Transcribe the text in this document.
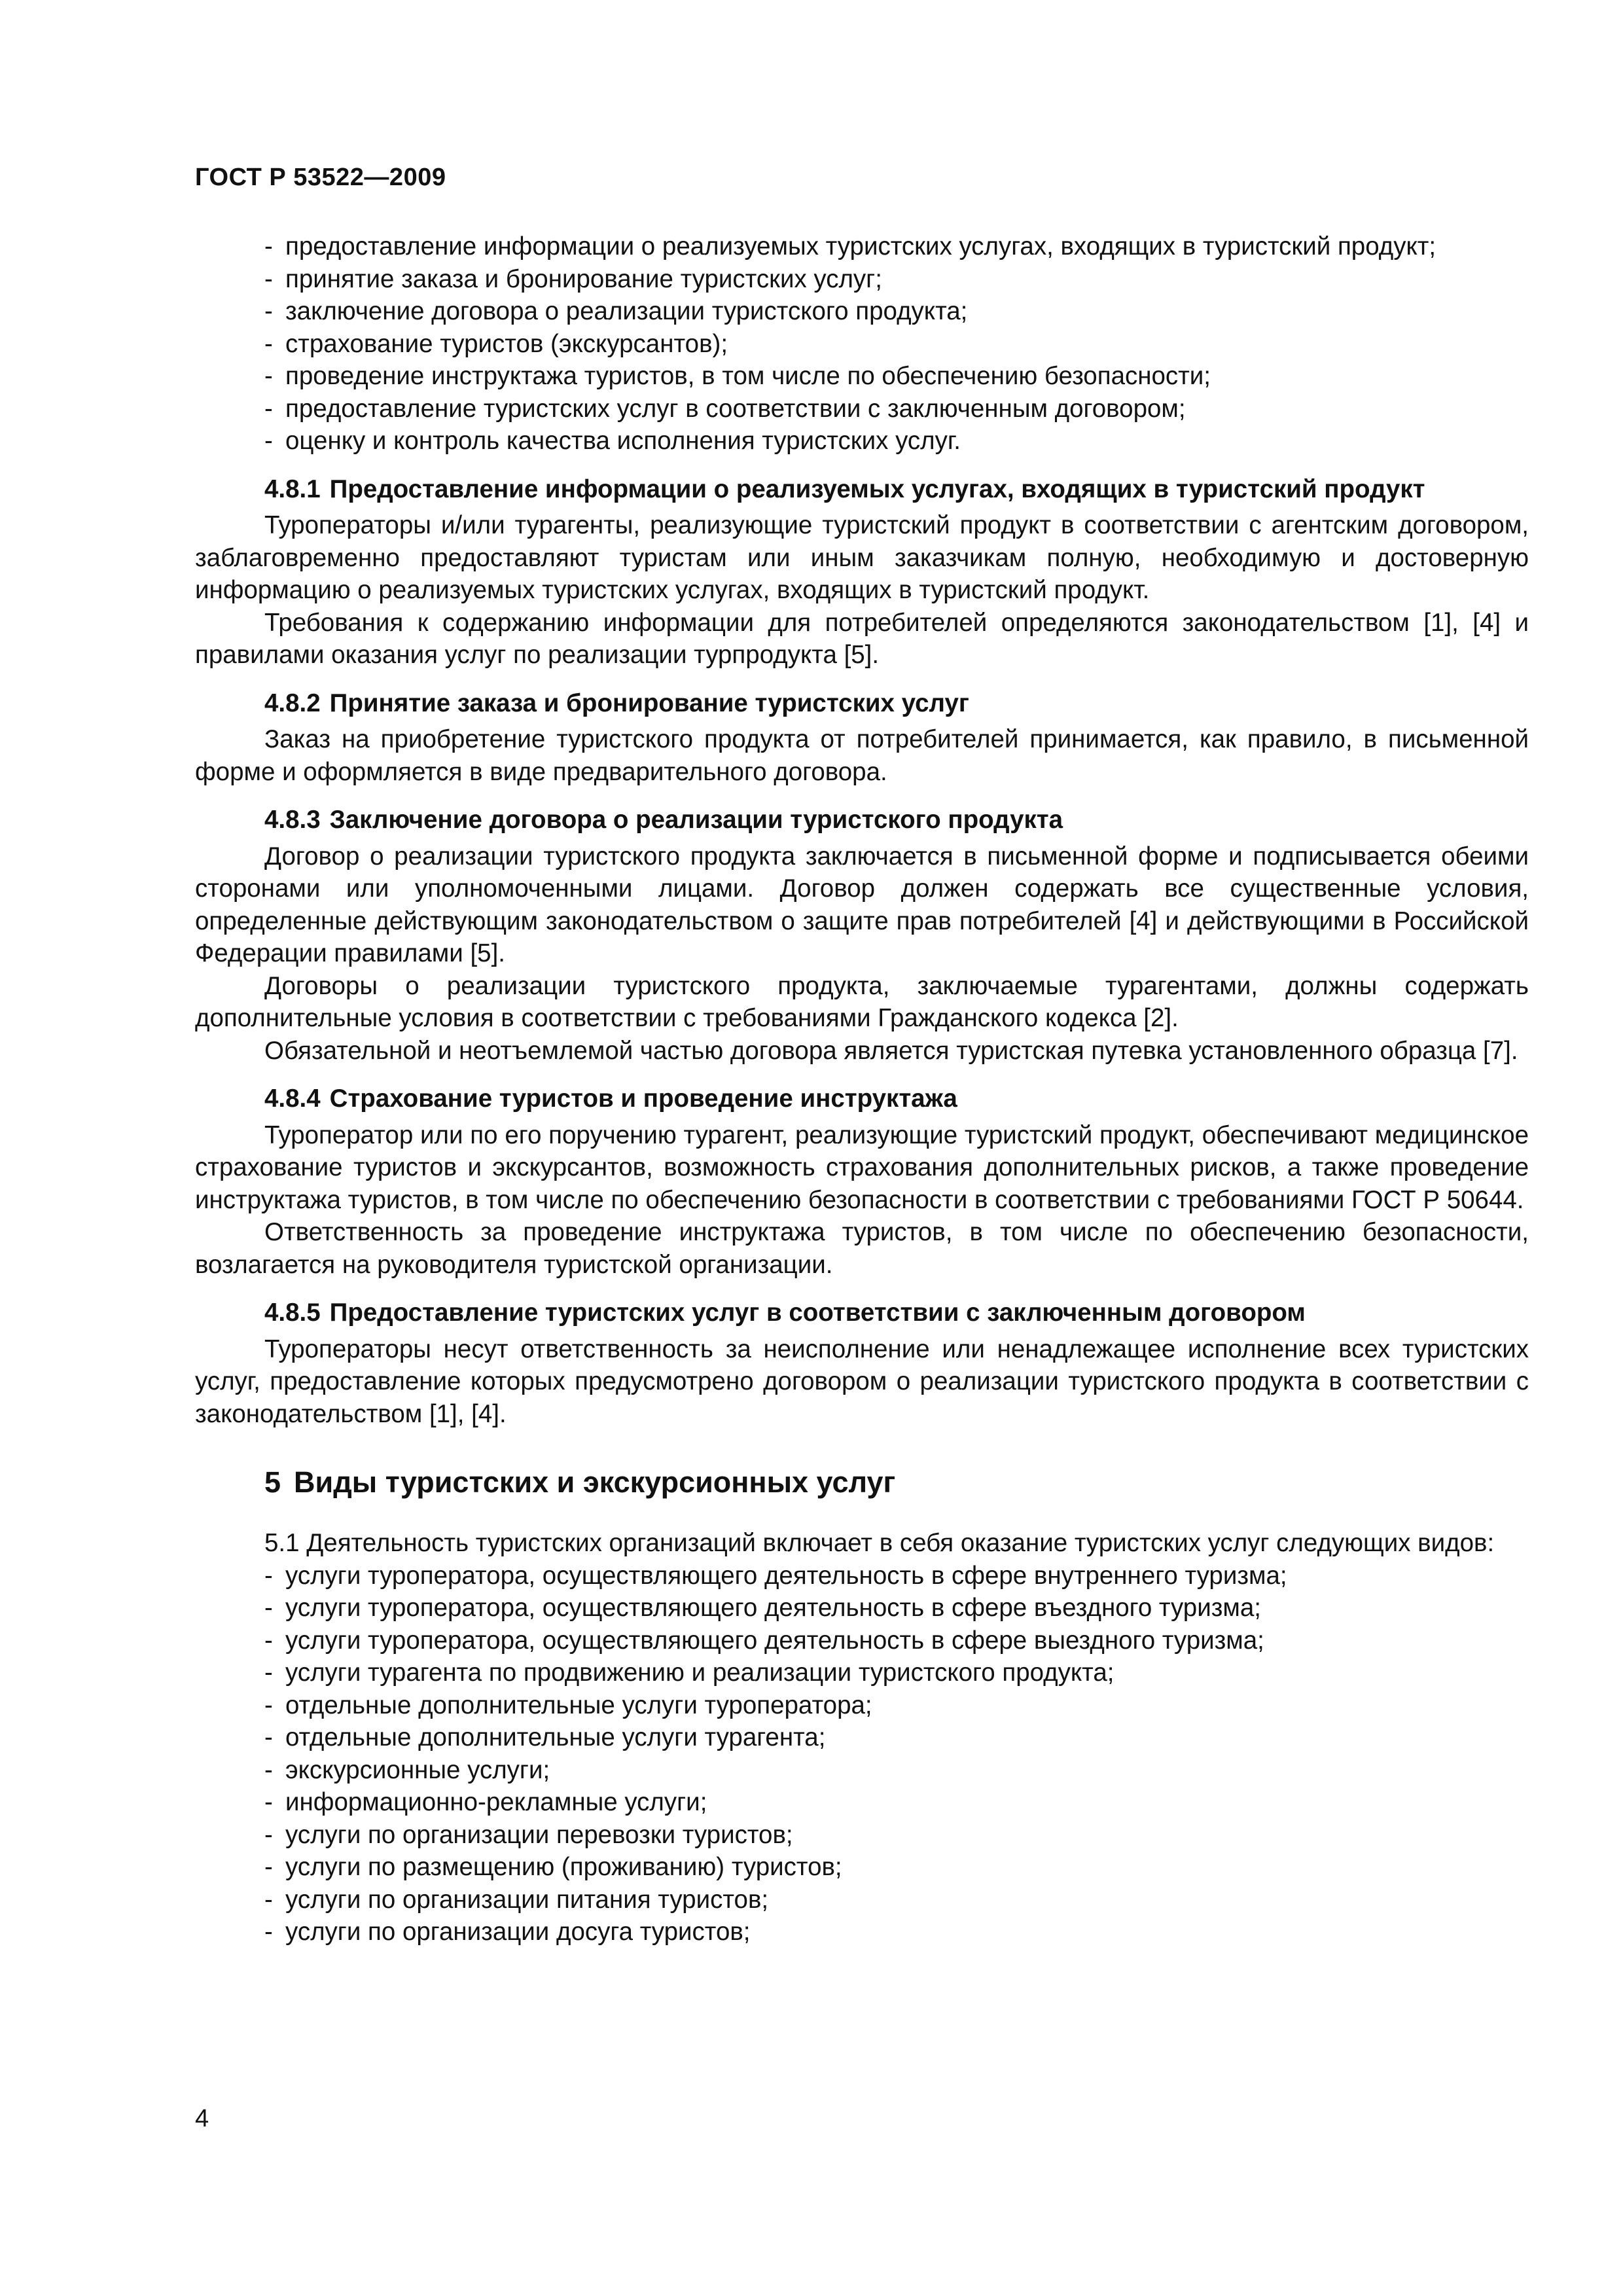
ГОСТ Р 53522—2009
- предоставление информации о реализуемых туристских услугах, входящих в туристский продукт;
- принятие заказа и бронирование туристских услуг;
- заключение договора о реализации туристского продукта;
- страхование туристов (экскурсантов);
- проведение инструктажа туристов, в том числе по обеспечению безопасности;
- предоставление туристских услуг в соответствии с заключенным договором;
- оценку и контроль качества исполнения туристских услуг.
4.8.1 Предоставление информации о реализуемых услугах, входящих в туристский продукт

Туроператоры и/или турагенты, реализующие туристский продукт в соответствии с агентским договором, заблаговременно предоставляют туристам или иным заказчикам полную, необходимую и достоверную информацию о реализуемых туристских услугах, входящих в туристский продукт.

Требования к содержанию информации для потребителей определяются законодательством [1], [4] и правилами оказания услуг по реализации турпродукта [5].

4.8.2 Принятие заказа и бронирование туристских услуг

Заказ на приобретение туристского продукта от потребителей принимается, как правило, в письменной форме и оформляется в виде предварительного договора.

4.8.3 Заключение договора о реализации туристского продукта

Договор о реализации туристского продукта заключается в письменной форме и подписывается обеими сторонами или уполномоченными лицами. Договор должен содержать все существенные условия, определенные действующим законодательством о защите прав потребителей [4] и действующими в Российской Федерации правилами [5].

Договоры о реализации туристского продукта, заключаемые турагентами, должны содержать дополнительные условия в соответствии с требованиями Гражданского кодекса [2].

Обязательной и неотъемлемой частью договора является туристская путевка установленного образца [7].

4.8.4 Страхование туристов и проведение инструктажа

Туроператор или по его поручению турагент, реализующие туристский продукт, обеспечивают медицинское страхование туристов и экскурсантов, возможность страхования дополнительных рисков, а также проведение инструктажа туристов, в том числе по обеспечению безопасности в соответствии с требованиями ГОСТ Р 50644.

Ответственность за проведение инструктажа туристов, в том числе по обеспечению безопасности, возлагается на руководителя туристской организации.

4.8.5 Предоставление туристских услуг в соответствии с заключенным договором

Туроператоры несут ответственность за неисполнение или ненадлежащее исполнение всех туристских услуг, предоставление которых предусмотрено договором о реализации туристского продукта в соответствии с законодательством [1], [4].

5 Виды туристских и экскурсионных услуг

5.1 Деятельность туристских организаций включает в себя оказание туристских услуг следующих видов:

- услуги туроператора, осуществляющего деятельность в сфере внутреннего туризма;
- услуги туроператора, осуществляющего деятельность в сфере въездного туризма;
- услуги туроператора, осуществляющего деятельность в сфере выездного туризма;
- услуги турагента по продвижению и реализации туристского продукта;
- отдельные дополнительные услуги туроператора;
- отдельные дополнительные услуги турагента;
- экскурсионные услуги;
- информационно-рекламные услуги;
- услуги по организации перевозки туристов;
- услуги по размещению (проживанию) туристов;
- услуги по организации питания туристов;
- услуги по организации досуга туристов;
4
